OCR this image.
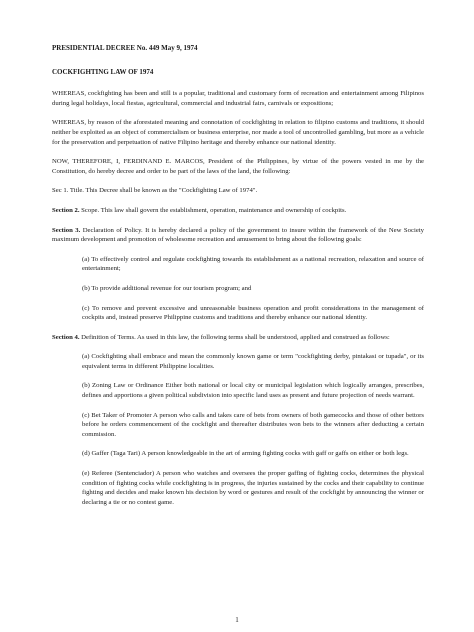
PRESIDENTIAL DECREE No. 449 May 9, 1974

COCKFIGHTING LAW OF 1974

WHEREAS, cockfighting has been and still is a popular, traditional and customary form of recreation and entertainment among Filipinos during legal holidays, local fiestas, agricultural, commercial and industrial fairs, carnivals or expositions;

WHEREAS, by reason of the aforestated meaning and connotation of cockfighting in relation to filipino customs and traditions, it should neither be exploited as an object of commercialism or business enterprise, nor made a tool of uncontrolled gambling, but more as a vehicle for the preservation and perpetuation of native Filipino heritage and thereby enhance our national identity.

NOW, THEREFORE, I, FERDINAND E. MARCOS, President of the Philippines, by virtue of the powers vested in me by the Constitution, do hereby decree and order to be part of the laws of the land, the following:

Sec 1. Title. This Decree shall be known as the "Cockfighting Law of 1974".

Section 2. Scope. This law shall govern the establishment, operation, maintenance and ownership of cockpits.

Section 3. Declaration of Policy. It is hereby declared a policy of the government to insure within the framework of the New Society maximum development and promotion of wholesome recreation and amusement to bring about the following goals:

(a) To effectively control and regulate cockfighting towards its establishment as a national recreation, relaxation and source of entertainment;

(b) To provide additional revenue for our tourism program; and

(c) To remove and prevent excessive and unreasonable business operation and profit considerations in the management of cockpits and, instead preserve Philippine customs and traditions and thereby enhance our national identity.

Section 4. Definition of Terms. As used in this law, the following terms shall be understood, applied and construed as follows:

(a) Cockfighting shall embrace and mean the commonly known game or term "cockfighting derby, pintakasi or tupada", or its equivalent terms in different Philippine localities.

(b) Zoning Law or Ordinance Either both national or local city or municipal legislation which logically arranges, prescribes, defines and apportions a given political subdivision into specific land uses as present and future projection of needs warrant.

(c) Bet Taker of Promoter A person who calls and takes care of bets from owners of both gamecocks and those of other bettors before he orders commencement of the cockfight and thereafter distributes won bets to the winners after deducting a certain commission.

(d) Gaffer (Taga Tari) A person knowledgeable in the art of arming fighting cocks with gaff or gaffs on either or both legs.

(e) Referee (Sentenciador) A person who watches and oversees the proper gaffing of fighting cocks, determines the physical condition of fighting cocks while cockfighting is in progress, the injuries sustained by the cocks and their capability to continue fighting and decides and make known his decision by word or gestures and result of the cockfight by announcing the winner or declaring a tie or no contest game.

1
